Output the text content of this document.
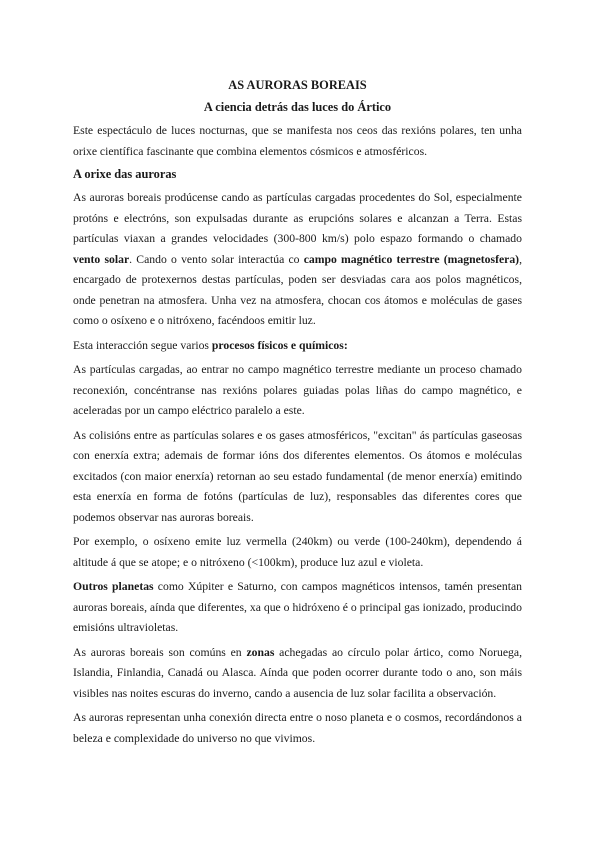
AS AURORAS BOREAIS
A ciencia detrás das luces do Ártico
Este espectáculo de luces nocturnas, que se manifesta nos ceos das rexións polares, ten unha orixe científica fascinante que combina elementos cósmicos e atmosféricos.
A orixe das auroras
As auroras boreais prodúcense cando as partículas cargadas procedentes do Sol, especialmente protóns e electróns, son expulsadas durante as erupcións solares e alcanzan a Terra. Estas partículas viaxan a grandes velocidades (300-800 km/s) polo espazo formando o chamado vento solar. Cando o vento solar interactúa co campo magnético terrestre (magnetosfera), encargado de protexernos destas partículas, poden ser desviadas cara aos polos magnéticos, onde penetran na atmosfera. Unha vez na atmosfera, chocan cos átomos e moléculas de gases como o osíxeno e o nitróxeno, facéndoos emitir luz.
Esta interacción segue varios procesos físicos e químicos:
As partículas cargadas, ao entrar no campo magnético terrestre mediante un proceso chamado reconexión, concéntranse nas rexións polares guiadas polas liñas do campo magnético, e aceleradas por un campo eléctrico paralelo a este.
As colisións entre as partículas solares e os gases atmosféricos, "excitan" ás partículas gaseosas con enerxía extra; ademais de formar ións dos diferentes elementos. Os átomos e moléculas excitados (con maior enerxía) retornan ao seu estado fundamental (de menor enerxía) emitindo esta enerxía en forma de fotóns (partículas de luz), responsables das diferentes cores que podemos observar nas auroras boreais.
Por exemplo, o osíxeno emite luz vermella (240km) ou verde (100-240km), dependendo á altitude á que se atope; e o nitróxeno (<100km), produce luz azul e violeta.
Outros planetas como Xúpiter e Saturno, con campos magnéticos intensos, tamén presentan auroras boreais, aínda que diferentes, xa que o hidróxeno é o principal gas ionizado, producindo emisións ultravioletas.
As auroras boreais son comúns en zonas achegadas ao círculo polar ártico, como Noruega, Islandia, Finlandia, Canadá ou Alasca. Aínda que poden ocorrer durante todo o ano, son máis visibles nas noites escuras do inverno, cando a ausencia de luz solar facilita a observación.
As auroras representan unha conexión directa entre o noso planeta e o cosmos, recordándonos a beleza e complexidade do universo no que vivimos.
